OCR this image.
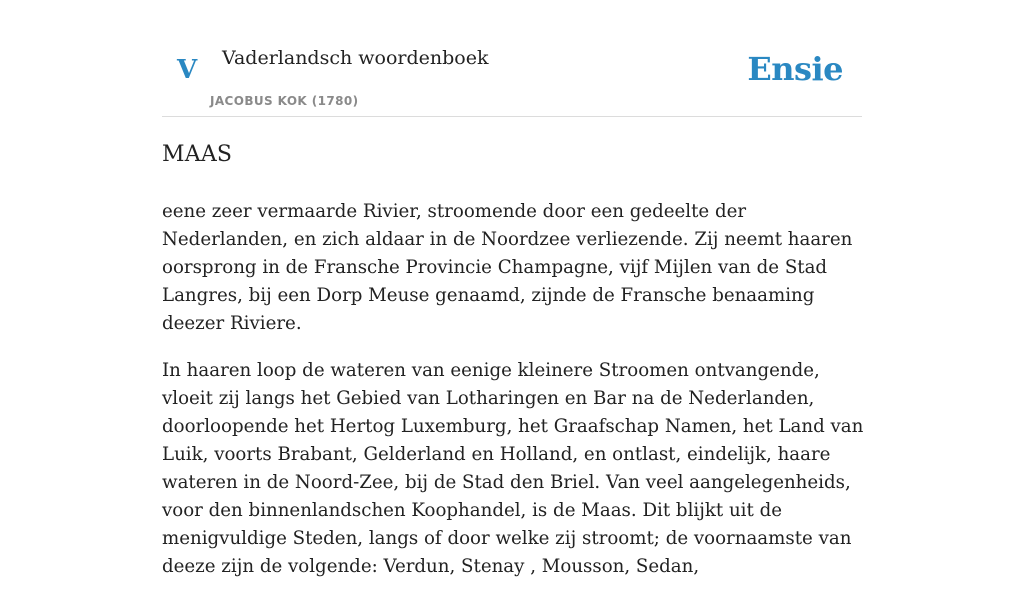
V Vaderlandsch woordenboek
JACOBUS KOK (1780)
Ensie
MAAS

eene zeer vermaarde Rivier, stroomende door een gedeelte der Nederlanden, en zich aldaar in de Noordzee verliezende. Zij neemt haaren oorsprong in de Fransche Provincie Champagne, vijf Mijlen van de Stad Langres, bij een Dorp Meuse genaamd, zijnde de Fransche benaaming deezer Riviere.

In haaren loop de wateren van eenige kleinere Stroomen ontvangende, vloeit zij langs het Gebied van Lotharingen en Bar na de Nederlanden, doorloopende het Hertog Luxemburg, het Graafschap Namen, het Land van Luik, voorts Brabant, Gelderland en Holland, en ontlast, eindelijk, haare wateren in de Noord-Zee, bij de Stad den Briel. Van veel aangelegenheids, voor den binnenlandschen Koophandel, is de Maas. Dit blijkt uit de menigvuldige Steden, langs of door welke zij stroomt; de voornaamste van deeze zijn de volgende: Verdun, Stenay , Mousson, Sedan,
